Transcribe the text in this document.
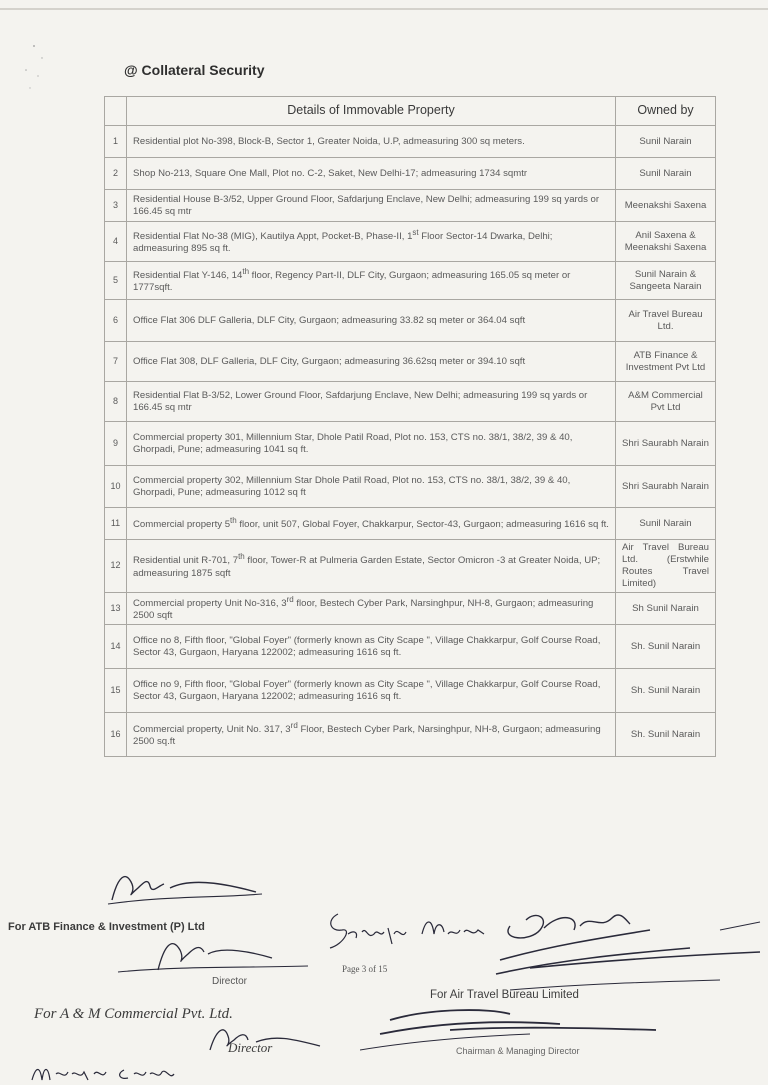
@ Collateral Security
	Details of Immovable Property	Owned by
1	Residential plot No-398, Block-B, Sector 1, Greater Noida, U.P, admeasuring 300 sq meters.	Sunil Narain
2	Shop No-213, Square One Mall, Plot no. C-2, Saket, New Delhi-17; admeasuring 1734 sqmtr	Sunil Narain
3	Residential House B-3/52, Upper Ground Floor, Safdarjung Enclave, New Delhi; admeasuring 199 sq yards or 166.45 sq mtr	Meenakshi Saxena
4	Residential Flat No-38 (MIG), Kautilya Appt, Pocket-B, Phase-II, 1st Floor Sector-14 Dwarka, Delhi; admeasuring 895 sq ft.	Anil Saxena & Meenakshi Saxena
5	Residential Flat Y-146, 14th floor, Regency Part-II, DLF City, Gurgaon; admeasuring 165.05 sq meter or 1777sqft.	Sunil Narain & Sangeeta Narain
6	Office Flat 306 DLF Galleria, DLF City, Gurgaon; admeasuring 33.82 sq meter or 364.04 sqft	Air Travel Bureau Ltd.
7	Office Flat 308, DLF Galleria, DLF City, Gurgaon; admeasuring 36.62sq meter or 394.10 sqft	ATB Finance & Investment Pvt Ltd
8	Residential Flat B-3/52, Lower Ground Floor, Safdarjung Enclave, New Delhi; admeasuring 199 sq yards or 166.45 sq mtr	A&M Commercial Pvt Ltd
9	Commercial property 301, Millennium Star, Dhole Patil Road, Plot no. 153, CTS no. 38/1, 38/2, 39 & 40, Ghorpadi, Pune; admeasuring 1041 sq ft.	Shri Saurabh Narain
10	Commercial property 302, Millennium Star Dhole Patil Road, Plot no. 153, CTS no. 38/1, 38/2, 39 & 40, Ghorpadi, Pune; admeasuring 1012 sq ft	Shri Saurabh Narain
11	Commercial property 5th floor, unit 507, Global Foyer, Chakkarpur, Sector-43, Gurgaon; admeasuring 1616 sq ft.	Sunil Narain
12	Residential unit R-701, 7th floor, Tower-R at Pulmeria Garden Estate, Sector Omicron -3 at Greater Noida, UP; admeasuring 1875 sqft	Air Travel Bureau Ltd. (Erstwhile Routes Travel Limited)
13	Commercial property Unit No-316, 3rd floor, Bestech Cyber Park, Narsinghpur, NH-8, Gurgaon; admeasuring 2500 sqft	Sh Sunil Narain
14	Office no 8, Fifth floor, "Global Foyer" (formerly known as City Scape ", Village Chakkarpur, Golf Course Road, Sector 43, Gurgaon, Haryana 122002; admeasuring 1616 sq ft.	Sh. Sunil Narain
15	Office no 9, Fifth floor, "Global Foyer" (formerly known as City Scape ", Village Chakkarpur, Golf Course Road, Sector 43, Gurgaon, Haryana 122002; admeasuring 1616 sq ft.	Sh. Sunil Narain
16	Commercial property, Unit No. 317, 3rd Floor, Bestech Cyber Park, Narsinghpur, NH-8, Gurgaon; admeasuring 2500 sq.ft	Sh. Sunil Narain
For ATB Finance & Investment (P) Ltd
Director
Page 3 of 15
For Air Travel Bureau Limited
For A & M Commercial Pvt. Ltd.
Director	Chairman & Managing Director
